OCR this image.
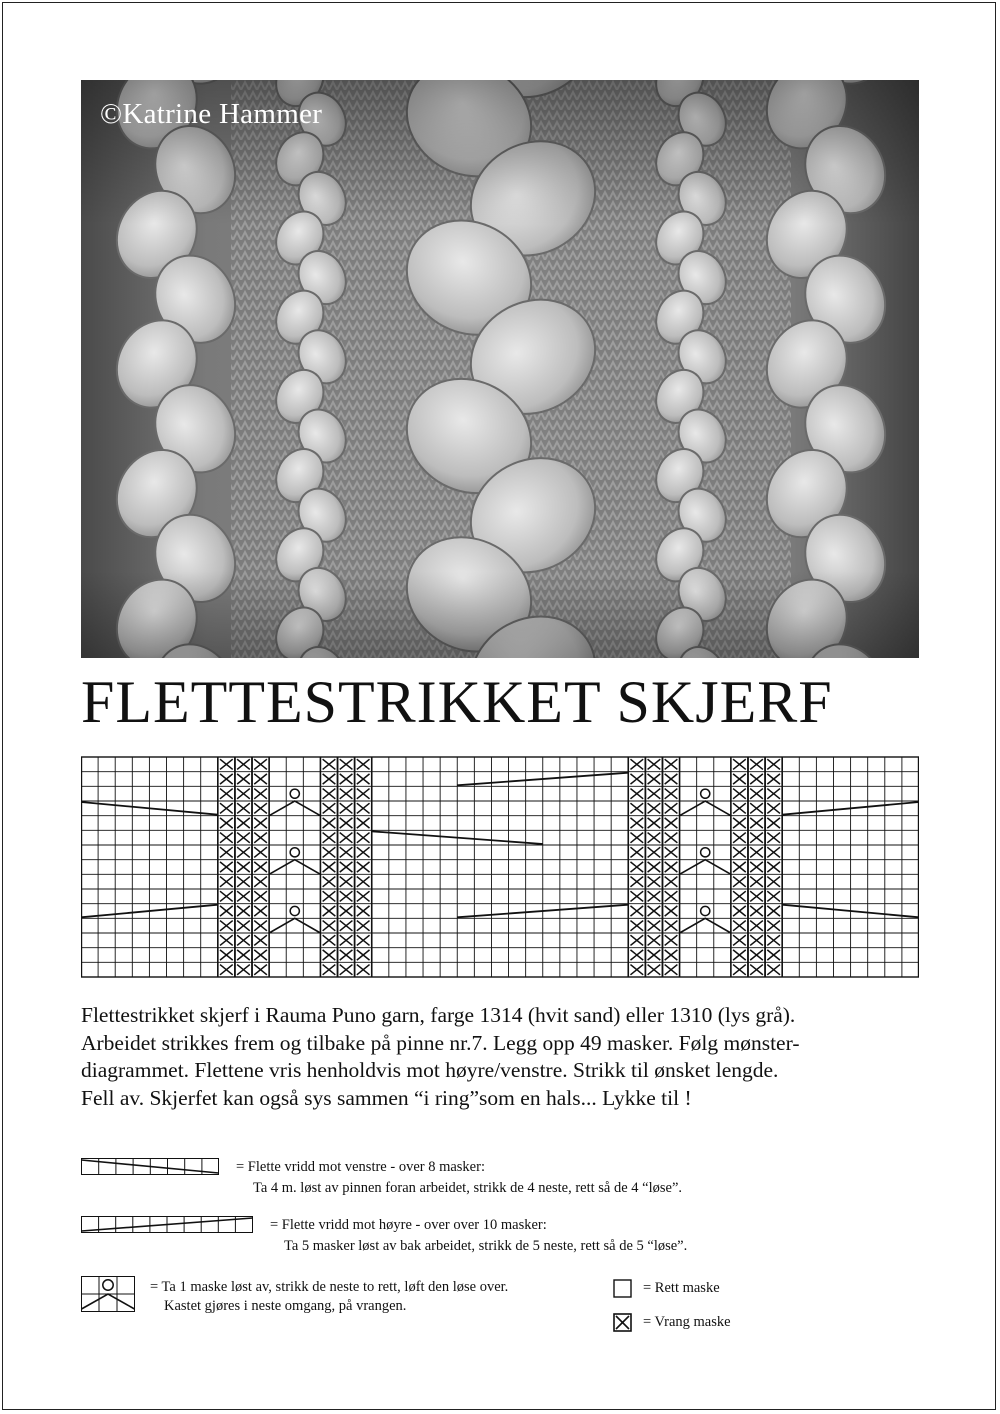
©Katrine Hammer
FLETTESTRIKKET SKJERF

Flettestrikket skjerf i Rauma Puno garn, farge 1314 (hvit sand) eller 1310 (lys grå).

Arbeidet strikkes frem og tilbake på pinne nr.7. Legg opp 49 masker. Følg mønster-

diagrammet. Flettene vris henholdvis mot høyre/venstre. Strikk til ønsket lengde.

Fell av. Skjerfet kan også sys sammen “i ring”som en hals... Lykke til !

= Flette vridd mot venstre - over 8 masker:
Ta 4 m. løst av pinnen foran arbeidet, strikk de 4 neste, rett så de 4 “løse”.
= Flette vridd mot høyre - over over 10 masker:
Ta 5 masker løst av bak arbeidet, strikk de 5 neste, rett så de 5 “løse”.
= Ta 1 maske løst av, strikk de neste to rett, løft den løse over.
Kastet gjøres i neste omgang, på vrangen.
= Rett maske
= Vrang maske
